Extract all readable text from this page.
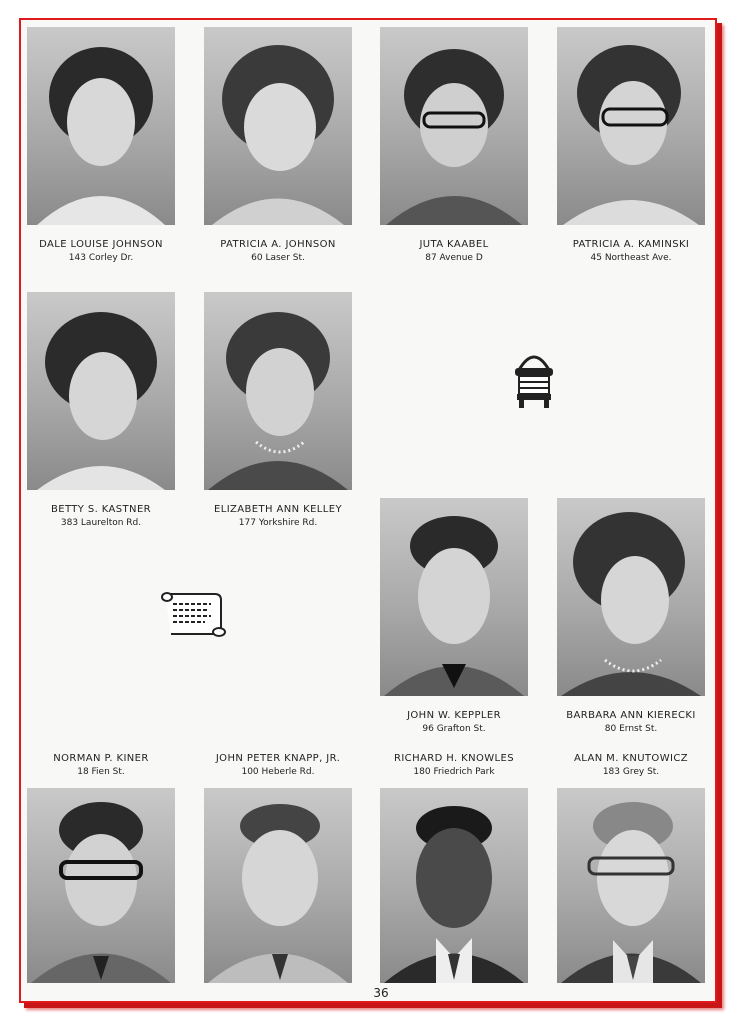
DALE LOUISE JOHNSON
143 Corley Dr.
PATRICIA A. JOHNSON
60 Laser St.
JUTA KAABEL
87 Avenue D
PATRICIA A. KAMINSKI
45 Northeast Ave.
BETTY S. KASTNER
383 Laurelton Rd.
ELIZABETH ANN KELLEY
177 Yorkshire Rd.
JOHN W. KEPPLER
96 Grafton St.
BARBARA ANN KIERECKI
80 Ernst St.
NORMAN P. KINER
18 Fien St.
JOHN PETER KNAPP, JR.
100 Heberle Rd.
RICHARD H. KNOWLES
180 Friedrich Park
ALAN M. KNUTOWICZ
183 Grey St.
36
